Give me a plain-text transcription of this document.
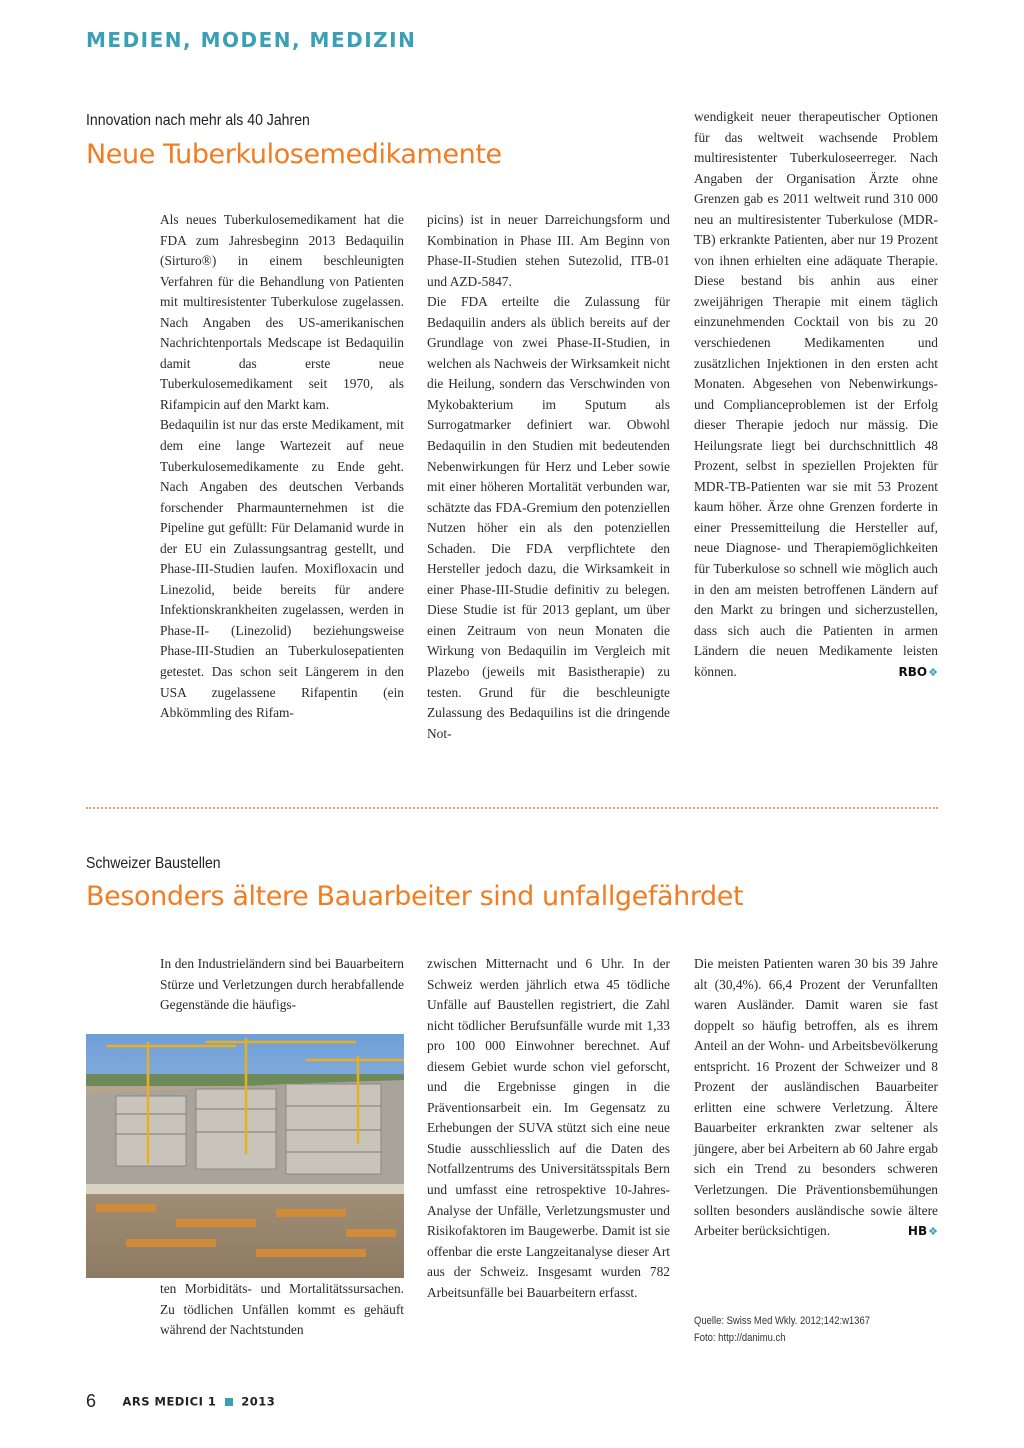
MEDIEN, MODEN, MEDIZIN
Innovation nach mehr als 40 Jahren
Neue Tuberkulosemedikamente

Als neues Tuberkulosemedikament hat die FDA zum Jahresbeginn 2013 Bedaquilin (Sirturo®) in einem beschleunigten Verfahren für die Behandlung von Patienten mit multiresistenter Tuberkulose zugelassen. Nach Angaben des US-amerikanischen Nachrichtenportals Medscape ist Bedaquilin damit das erste neue Tuberkulosemedikament seit 1970, als Rifampicin auf den Markt kam.

Bedaquilin ist nur das erste Medikament, mit dem eine lange Wartezeit auf neue Tuberkulosemedikamente zu Ende geht. Nach Angaben des deutschen Verbands forschender Pharmaunternehmen ist die Pipeline gut gefüllt: Für Delamanid wurde in der EU ein Zulassungsantrag gestellt, und Phase-III-Studien laufen. Moxifloxacin und Linezolid, beide bereits für andere Infektionskrankheiten zugelassen, werden in Phase-II- (Linezolid) beziehungsweise Phase-III-Studien an Tuberkulosepatienten getestet. Das schon seit Längerem in den USA zugelassene Rifapentin (ein Abkömmling des Rifam-

picins) ist in neuer Darreichungsform und Kombination in Phase III. Am Beginn von Phase-II-Studien stehen Sutezolid, ITB-01 und AZD-5847.

Die FDA erteilte die Zulassung für Bedaquilin anders als üblich bereits auf der Grundlage von zwei Phase-II-Studien, in welchen als Nachweis der Wirksamkeit nicht die Heilung, sondern das Verschwinden von Mykobakterium im Sputum als Surrogatmarker definiert war. Obwohl Bedaquilin in den Studien mit bedeutenden Nebenwirkungen für Herz und Leber sowie mit einer höheren Mortalität verbunden war, schätzte das FDA-Gremium den potenziellen Nutzen höher ein als den potenziellen Schaden. Die FDA verpflichtete den Hersteller jedoch dazu, die Wirksamkeit in einer Phase-III-Studie definitiv zu belegen. Diese Studie ist für 2013 geplant, um über einen Zeitraum von neun Monaten die Wirkung von Bedaquilin im Vergleich mit Plazebo (jeweils mit Basistherapie) zu testen. Grund für die beschleunigte Zulassung des Bedaquilins ist die dringende Not-

wendigkeit neuer therapeutischer Optionen für das weltweit wachsende Problem multiresistenter Tuberkuloseerreger. Nach Angaben der Organisation Ärzte ohne Grenzen gab es 2011 weltweit rund 310 000 neu an multiresistenter Tuberkulose (MDR-TB) erkrankte Patienten, aber nur 19 Prozent von ihnen erhielten eine adäquate Therapie. Diese bestand bis anhin aus einer zweijährigen Therapie mit einem täglich einzunehmenden Cocktail von bis zu 20 verschiedenen Medikamenten und zusätzlichen Injektionen in den ersten acht Monaten. Abgesehen von Nebenwirkungs- und Complianceproblemen ist der Erfolg dieser Therapie jedoch nur mässig. Die Heilungsrate liegt bei durchschnittlich 48 Prozent, selbst in speziellen Projekten für MDR-TB-Patienten war sie mit 53 Prozent kaum höher. Ärze ohne Grenzen forderte in einer Pressemitteilung die Hersteller auf, neue Diagnose- und Therapiemöglichkeiten für Tuberkulose so schnell wie möglich auch in den am meisten betroffenen Ländern auf den Markt zu bringen und sicherzustellen, dass sich auch die Patienten in armen Ländern die neuen Medikamente leisten können.	RBO❖

Schweizer Baustellen
Besonders ältere Bauarbeiter sind unfallgefährdet

In den Industrieländern sind bei Bauarbeitern Stürze und Verletzungen durch herabfallende Gegenstände die häufigs-

ten Morbiditäts- und Mortalitätssursachen. Zu tödlichen Unfällen kommt es gehäuft während der Nachtstunden

zwischen Mitternacht und 6 Uhr. In der Schweiz werden jährlich etwa 45 tödliche Unfälle auf Baustellen registriert, die Zahl nicht tödlicher Berufsunfälle wurde mit 1,33 pro 100 000 Einwohner berechnet. Auf diesem Gebiet wurde schon viel geforscht, und die Ergebnisse gingen in die Präventionsarbeit ein. Im Gegensatz zu Erhebungen der SUVA stützt sich eine neue Studie ausschliesslich auf die Daten des Notfallzentrums des Universitätsspitals Bern und umfasst eine retrospektive 10-Jahres-Analyse der Unfälle, Verletzungsmuster und Risikofaktoren im Baugewerbe. Damit ist sie offenbar die erste Langzeitanalyse dieser Art aus der Schweiz. Insgesamt wurden 782 Arbeitsunfälle bei Bauarbeitern erfasst.

Die meisten Patienten waren 30 bis 39 Jahre alt (30,4%). 66,4 Prozent der Verunfallten waren Ausländer. Damit waren sie fast doppelt so häufig betroffen, als es ihrem Anteil an der Wohn- und Arbeitsbevölkerung entspricht. 16 Prozent der Schweizer und 8 Prozent der ausländischen Bauarbeiter erlitten eine schwere Verletzung. Ältere Bauarbeiter erkrankten zwar seltener als jüngere, aber bei Arbeitern ab 60 Jahre ergab sich ein Trend zu besonders schweren Verletzungen. Die Präventionsbemühungen sollten besonders ausländische sowie ältere Arbeiter berücksichtigen.	HB❖

Quelle: Swiss Med Wkly. 2012;142:w1367
Foto: http://danimu.ch
6 ARS MEDICI 1 2013
